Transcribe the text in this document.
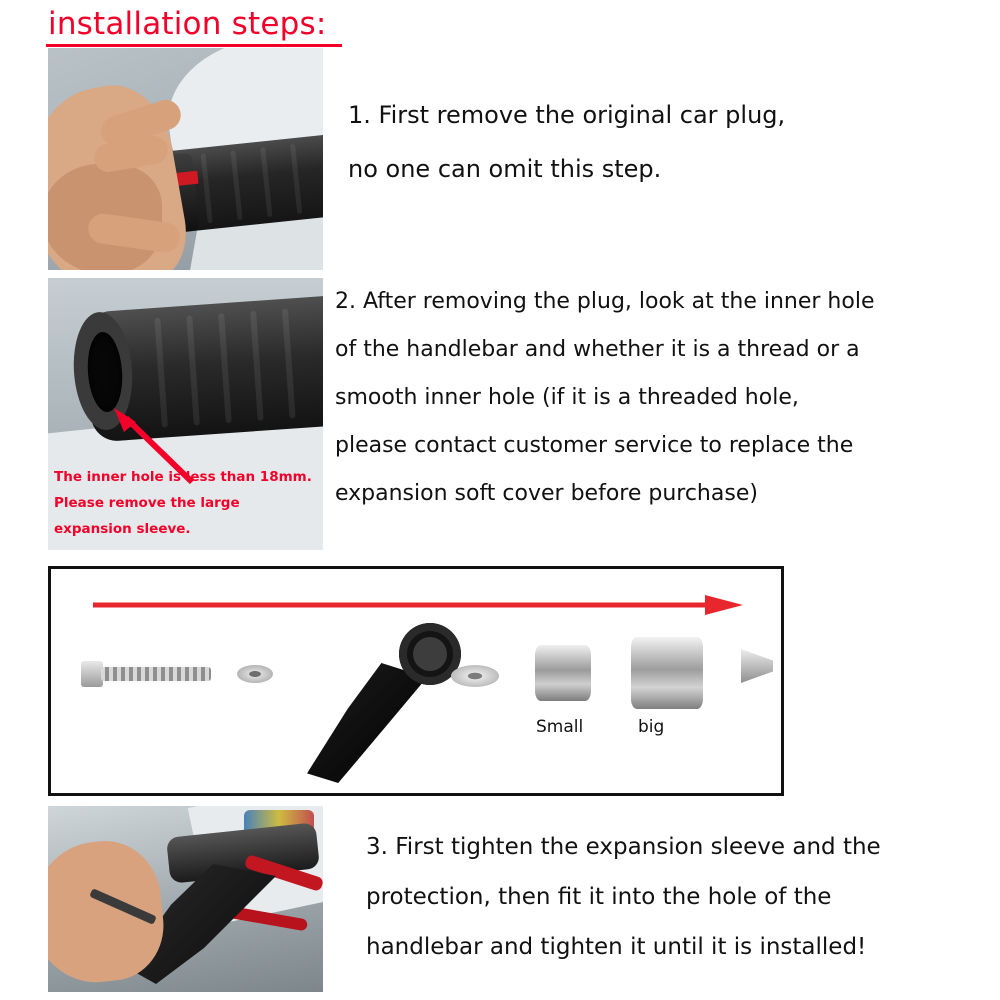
installation steps:
The inner hole is less than 18mm. Please remove the large expansion sleeve.
Small	big
1. First remove the original car plug,
no one can omit this step.
2. After removing the plug, look at the inner hole
of the handlebar and whether it is a thread or a
smooth inner hole (if it is a threaded hole,
please contact customer service to replace the
expansion soft cover before purchase)
3. First tighten the expansion sleeve and the
protection, then fit it into the hole of the
handlebar and tighten it until it is installed!
